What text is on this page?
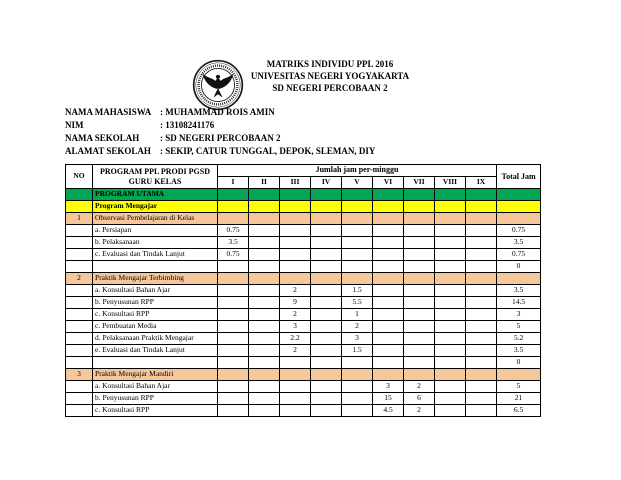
MATRIKS INDIVIDU PPL 2016
UNIVESITAS NEGERI YOGYAKARTA
SD NEGERI PERCOBAAN 2
NAMA MAHASISWA : MUHAMMAD ROIS AMIN
NIM	: 13108241176
NAMA SEKOLAH	: SD NEGERI PERCOBAAN 2
ALAMAT SEKOLAH	: SEKIP, CATUR TUNGGAL, DEPOK, SLEMAN, DIY
NO	PROGRAM PPL PRODI PGSD GURU KELAS	Jumlah jam per-minggu									Total Jam
		I	II	III	IV	V	VI	VII	VIII	IX	
	PROGRAM UTAMA										
	Program Mengajar										
1	Observasi Pembelajaran di Kelas										
	a. Persiapan	0.75									0.75
	b. Pelaksanaan	3.5									3.5
	c. Evaluasi dan Tindak Lanjut	0.75									0.75
											0
2	Praktik Mengajar Terbimbing										
	a. Konsultasi Bahan Ajar			2		1.5					3.5
	b. Penyusunan RPP			9		5.5					14.5
	c. Konsultasi RPP			2		1					3
	c. Pembuatan Media			3		2					5
	d. Pelaksanaan Praktik Mengajar			2.2		3					5.2
	e. Evaluasi dan Tindak Lanjut			2		1.5					3.5
											0
3	Praktik Mengajar Mandiri										
	a. Konsultasi Bahan Ajar						3	2			5
	b. Penyusunan RPP						15	6			21
	c. Konsultasi RPP						4.5	2			6.5
